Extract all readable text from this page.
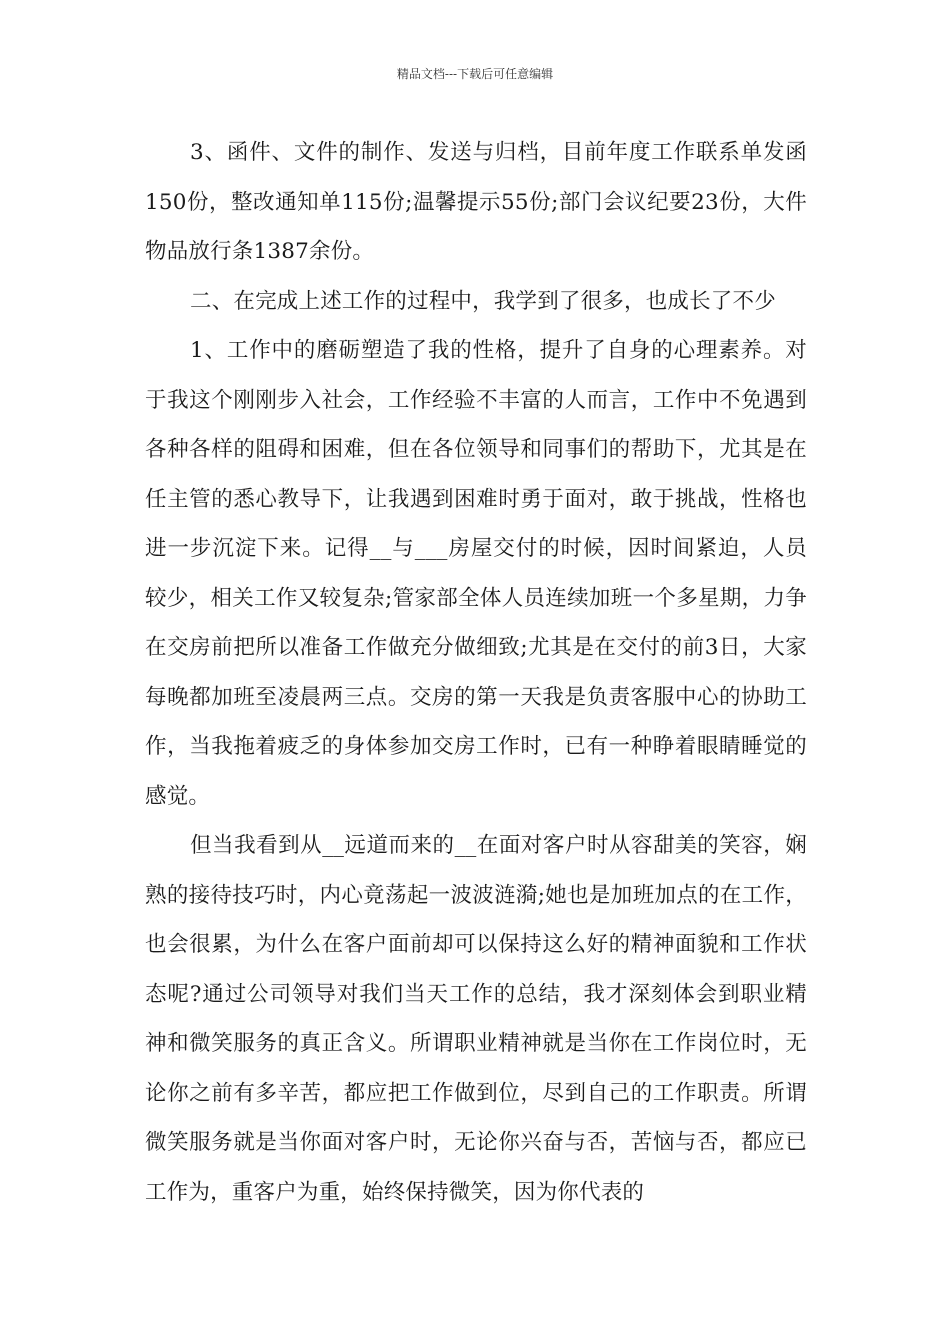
精品文档---下载后可任意编辑

3、函件、文件的制作、发送与归档，目前年度工作联系单发函150份，整改通知单115份;温馨提示55份;部门会议纪要23份，大件物品放行条1387余份。

二、在完成上述工作的过程中，我学到了很多，也成长了不少

1、工作中的磨砺塑造了我的性格，提升了自身的心理素养。对于我这个刚刚步入社会，工作经验不丰富的人而言，工作中不免遇到各种各样的阻碍和困难，但在各位领导和同事们的帮助下，尤其是在任主管的悉心教导下，让我遇到困难时勇于面对，敢于挑战，性格也进一步沉淀下来。记得__与___房屋交付的时候，因时间紧迫，人员较少，相关工作又较复杂;管家部全体人员连续加班一个多星期，力争在交房前把所以准备工作做充分做细致;尤其是在交付的前3日，大家每晚都加班至凌晨两三点。交房的第一天我是负责客服中心的协助工作，当我拖着疲乏的身体参加交房工作时，已有一种睁着眼睛睡觉的感觉。

但当我看到从__远道而来的__在面对客户时从容甜美的笑容，娴熟的接待技巧时，内心竟荡起一波波涟漪;她也是加班加点的在工作，也会很累，为什么在客户面前却可以保持这么好的精神面貌和工作状态呢?通过公司领导对我们当天工作的总结，我才深刻体会到职业精神和微笑服务的真正含义。所谓职业精神就是当你在工作岗位时，无论你之前有多辛苦，都应把工作做到位，尽到自己的工作职责。所谓微笑服务就是当你面对客户时，无论你兴奋与否，苦恼与否，都应已工作为，重客户为重，始终保持微笑，因为你代表的
